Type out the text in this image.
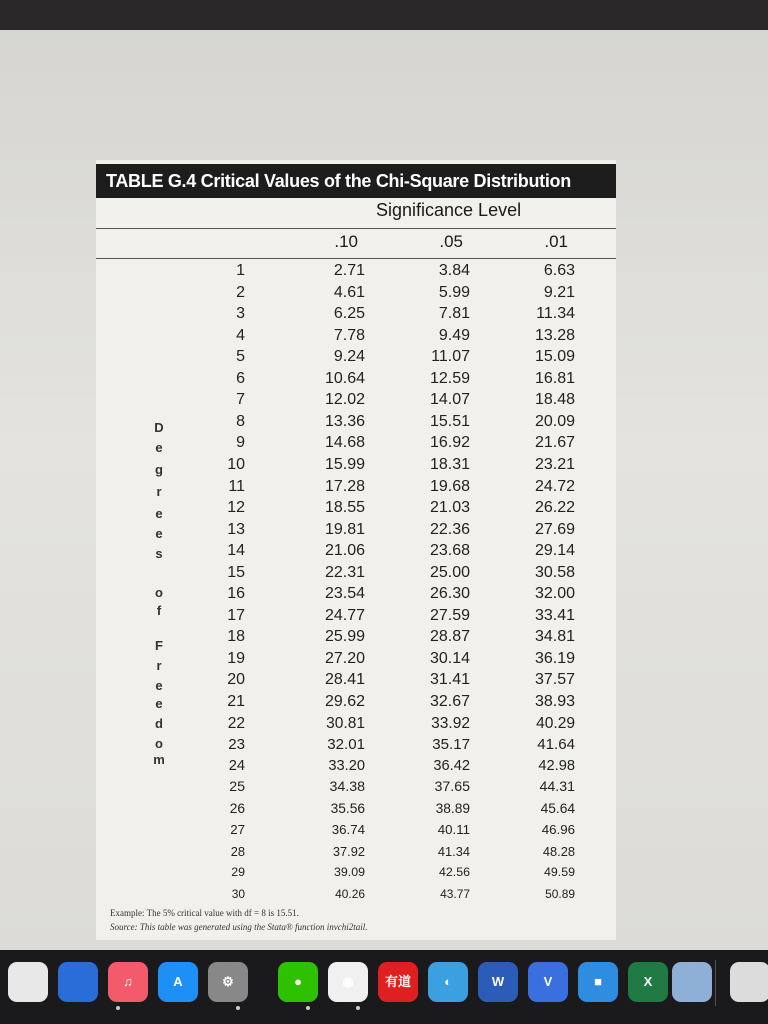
TABLE G.4 Critical Values of the Chi-Square Distribution
Significance Level
.10	.05	.01
1	2.71	3.84	6.63
2	4.61	5.99	9.21
3	6.25	7.81	11.34
4	7.78	9.49	13.28
5	9.24	11.07	15.09
6	10.64	12.59	16.81
7	12.02	14.07	18.48
8	13.36	15.51	20.09
9	14.68	16.92	21.67
10	15.99	18.31	23.21
11	17.28	19.68	24.72
12	18.55	21.03	26.22
13	19.81	22.36	27.69
14	21.06	23.68	29.14
15	22.31	25.00	30.58
16	23.54	26.30	32.00
17	24.77	27.59	33.41
18	25.99	28.87	34.81
19	27.20	30.14	36.19
20	28.41	31.41	37.57
21	29.62	32.67	38.93
22	30.81	33.92	40.29
23	32.01	35.17	41.64
24	33.20	36.42	42.98
25	34.38	37.65	44.31
26	35.56	38.89	45.64
27	36.74	40.11	46.96
28	37.92	41.34	48.28
29	39.09	42.56	49.59
30	40.26	43.77	50.89
D
e
g
r
e
e
s
o
f
F
r
e
e
d
o
m
Example: The 5% critical value with df = 8 is 15.51.
Source: This table was generated using the Stata® function invchi2tail.
♫	A	⚙	●	◉	有道	◐	W	V	■	X
